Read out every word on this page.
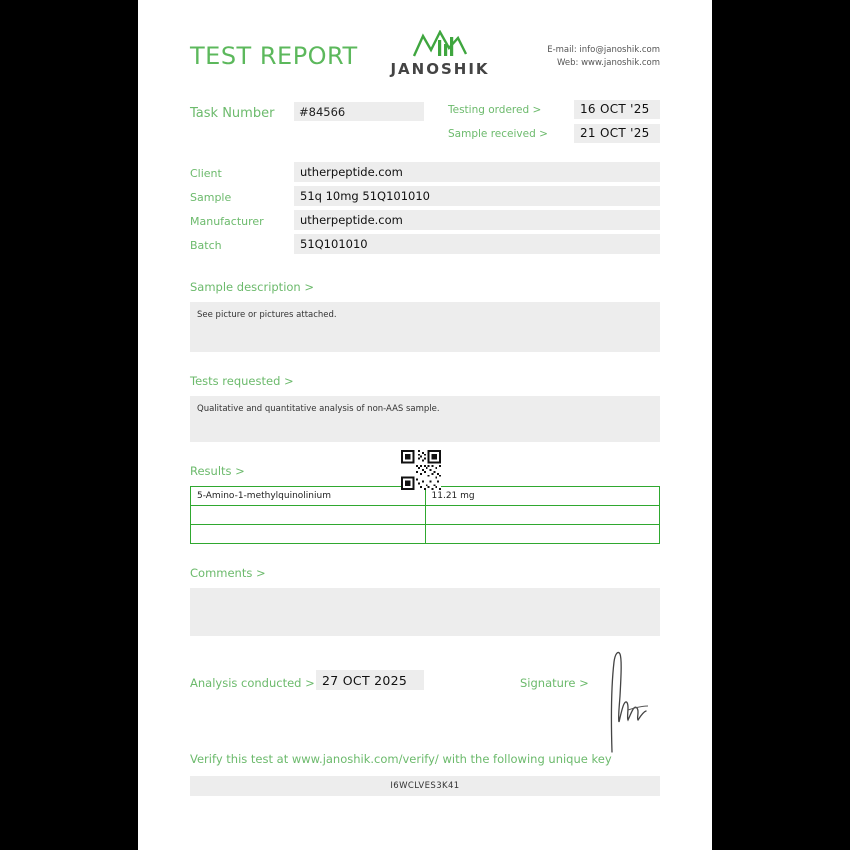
TEST REPORT	JANOSHIK
E-mail: info@janoshik.com
Web: www.janoshik.com
Task Number	#84566	Testing ordered >	16 OCT '25
Sample received >	21 OCT '25
Client	utherpeptide.com
Sample	51q 10mg 51Q101010
Manufacturer	utherpeptide.com
Batch	51Q101010
Sample description >
See picture or pictures attached.
Tests requested >
Qualitative and quantitative analysis of non-AAS sample.
Results >
5-Amino-1-methylquinolinium	11.21 mg

Comments >
Analysis conducted > 27 OCT 2025	Signature >
Verify this test at www.janoshik.com/verify/ with the following unique key
I6WCLVES3K41
